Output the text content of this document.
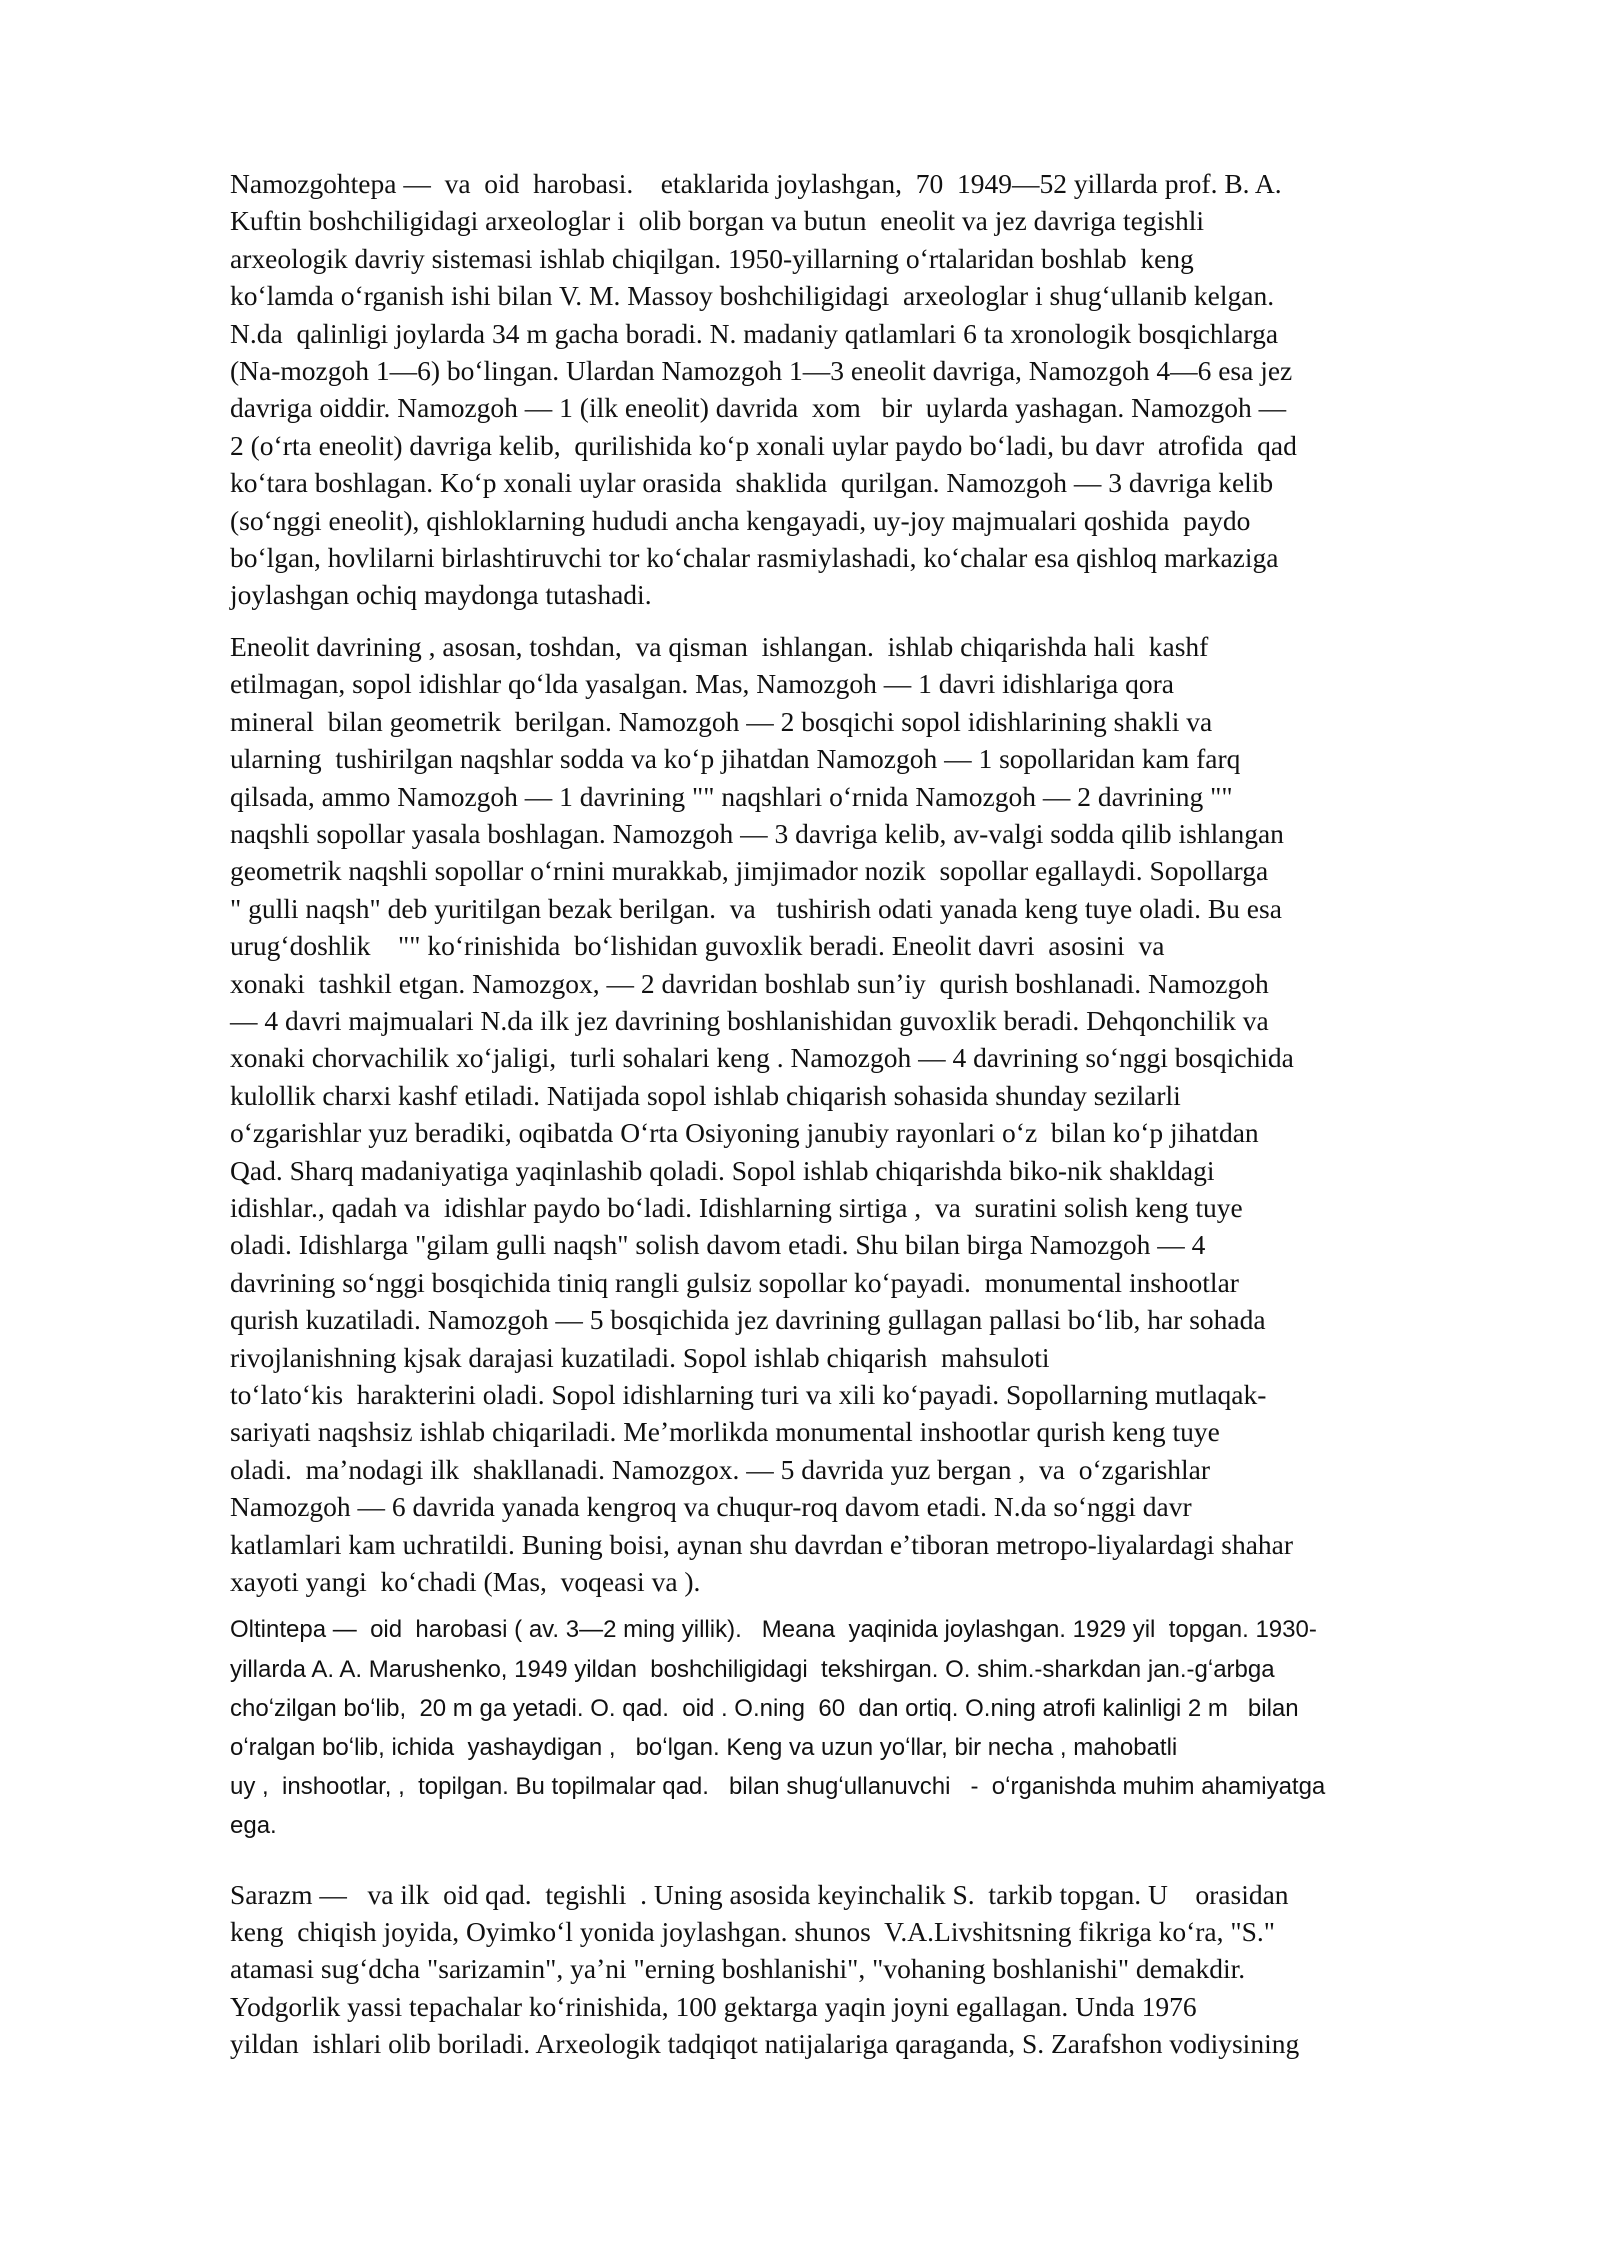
Namozgohtepa —  va  oid  harobasi.    etaklarida joylashgan,  70  1949—52 yillarda prof. B. A.
Kuftin boshchiligidagi arxeologlar i  olib borgan va butun  eneolit va jez davriga tegishli
arxeologik davriy sistemasi ishlab chiqilgan. 1950-yillarning oʻrtalaridan boshlab  keng
koʻlamda oʻrganish ishi bilan V. M. Massoy boshchiligidagi  arxeologlar i shugʻullanib kelgan.
N.da  qalinligi joylarda 34 m gacha boradi. N. madaniy qatlamlari 6 ta xronologik bosqichlarga
(Na-mozgoh 1—6) boʻlingan. Ulardan Namozgoh 1—3 eneolit davriga, Namozgoh 4—6 esa jez
davriga oiddir. Namozgoh — 1 (ilk eneolit) davrida  xom   bir  uylarda yashagan. Namozgoh —
2 (oʻrta eneolit) davriga kelib,  qurilishida koʻp xonali uylar paydo boʻladi, bu davr  atrofida  qad
koʻtara boshlagan. Koʻp xonali uylar orasida  shaklida  qurilgan. Namozgoh — 3 davriga kelib
(soʻnggi eneolit), qishloklarning hududi ancha kengayadi, uy-joy majmualari qoshida  paydo
boʻlgan, hovlilarni birlashtiruvchi tor koʻchalar rasmiylashadi, koʻchalar esa qishloq markaziga
joylashgan ochiq maydonga tutashadi.

Eneolit davrining , asosan, toshdan,  va qisman  ishlangan.  ishlab chiqarishda hali  kashf
etilmagan, sopol idishlar qoʻlda yasalgan. Mas, Namozgoh — 1 davri idishlariga qora
mineral  bilan geometrik  berilgan. Namozgoh — 2 bosqichi sopol idishlarining shakli va
ularning  tushirilgan naqshlar sodda va koʻp jihatdan Namozgoh — 1 sopollaridan kam farq
qilsada, ammo Namozgoh — 1 davrining "" naqshlari oʻrnida Namozgoh — 2 davrining ""
naqshli sopollar yasala boshlagan. Namozgoh — 3 davriga kelib, av-valgi sodda qilib ishlangan
geometrik naqshli sopollar oʻrnini murakkab, jimjimador nozik  sopollar egallaydi. Sopollarga
" gulli naqsh" deb yuritilgan bezak berilgan.  va   tushirish odati yanada keng tuye oladi. Bu esa
urugʻdoshlik    "" koʻrinishida  boʻlishidan guvoxlik beradi. Eneolit davri  asosini  va
xonaki  tashkil etgan. Namozgox, — 2 davridan boshlab sunʼiy  qurish boshlanadi. Namozgoh
— 4 davri majmualari N.da ilk jez davrining boshlanishidan guvoxlik beradi. Dehqonchilik va
xonaki chorvachilik xoʻjaligi,  turli sohalari keng . Namozgoh — 4 davrining soʻnggi bosqichida
kulollik charxi kashf etiladi. Natijada sopol ishlab chiqarish sohasida shunday sezilarli
oʻzgarishlar yuz beradiki, oqibatda Oʻrta Osiyoning janubiy rayonlari oʻz  bilan koʻp jihatdan
Qad. Sharq madaniyatiga yaqinlashib qoladi. Sopol ishlab chiqarishda biko-nik shakldagi
idishlar., qadah va  idishlar paydo boʻladi. Idishlarning sirtiga ,  va  suratini solish keng tuye
oladi. Idishlarga "gilam gulli naqsh" solish davom etadi. Shu bilan birga Namozgoh — 4
davrining soʻnggi bosqichida tiniq rangli gulsiz sopollar koʻpayadi.  monumental inshootlar
qurish kuzatiladi. Namozgoh — 5 bosqichida jez davrining gullagan pallasi boʻlib, har sohada
rivojlanishning kjsak darajasi kuzatiladi. Sopol ishlab chiqarish  mahsuloti
toʻlatoʻkis  harakterini oladi. Sopol idishlarning turi va xili koʻpayadi. Sopollarning mutlaqak-
sariyati naqshsiz ishlab chiqariladi. Meʼmorlikda monumental inshootlar qurish keng tuye
oladi.  maʼnodagi ilk  shakllanadi. Namozgox. — 5 davrida yuz bergan ,  va  oʻzgarishlar
Namozgoh — 6 davrida yanada kengroq va chuqur-roq davom etadi. N.da soʻnggi davr
katlamlari kam uchratildi. Buning boisi, aynan shu davrdan eʼtiboran metropo-liyalardagi shahar
xayoti yangi  koʻchadi (Mas,  voqeasi va ).

Oltintepa —  oid  harobasi ( av. 3—2 ming yillik).   Meana  yaqinida joylashgan. 1929 yil  topgan. 1930-
yillarda A. A. Marushenko, 1949 yildan  boshchiligidagi  tekshirgan. O. shim.-sharkdan jan.-gʻarbga
choʻzilgan boʻlib,  20 m ga yetadi. O. qad.  oid . O.ning  60  dan ortiq. O.ning atrofi kalinligi 2 m   bilan
oʻralgan boʻlib, ichida  yashaydigan ,   boʻlgan. Keng va uzun yoʻllar, bir necha , mahobatli
uy ,  inshootlar, ,  topilgan. Bu topilmalar qad.   bilan shugʻullanuvchi   -  oʻrganishda muhim ahamiyatga
ega.

Sarazm —   va ilk  oid qad.  tegishli  . Uning asosida keyinchalik S.  tarkib topgan. U    orasidan
keng  chiqish joyida, Oyimkoʻl yonida joylashgan. shunos  V.A.Livshitsning fikriga koʻra, "S."
atamasi sugʻdcha "sarizamin", yaʼni "erning boshlanishi", "vohaning boshlanishi" demakdir.
Yodgorlik yassi tepachalar koʻrinishida, 100 gektarga yaqin joyni egallagan. Unda 1976
yildan  ishlari olib boriladi. Arxeologik tadqiqot natijalariga qaraganda, S. Zarafshon vodiysining
